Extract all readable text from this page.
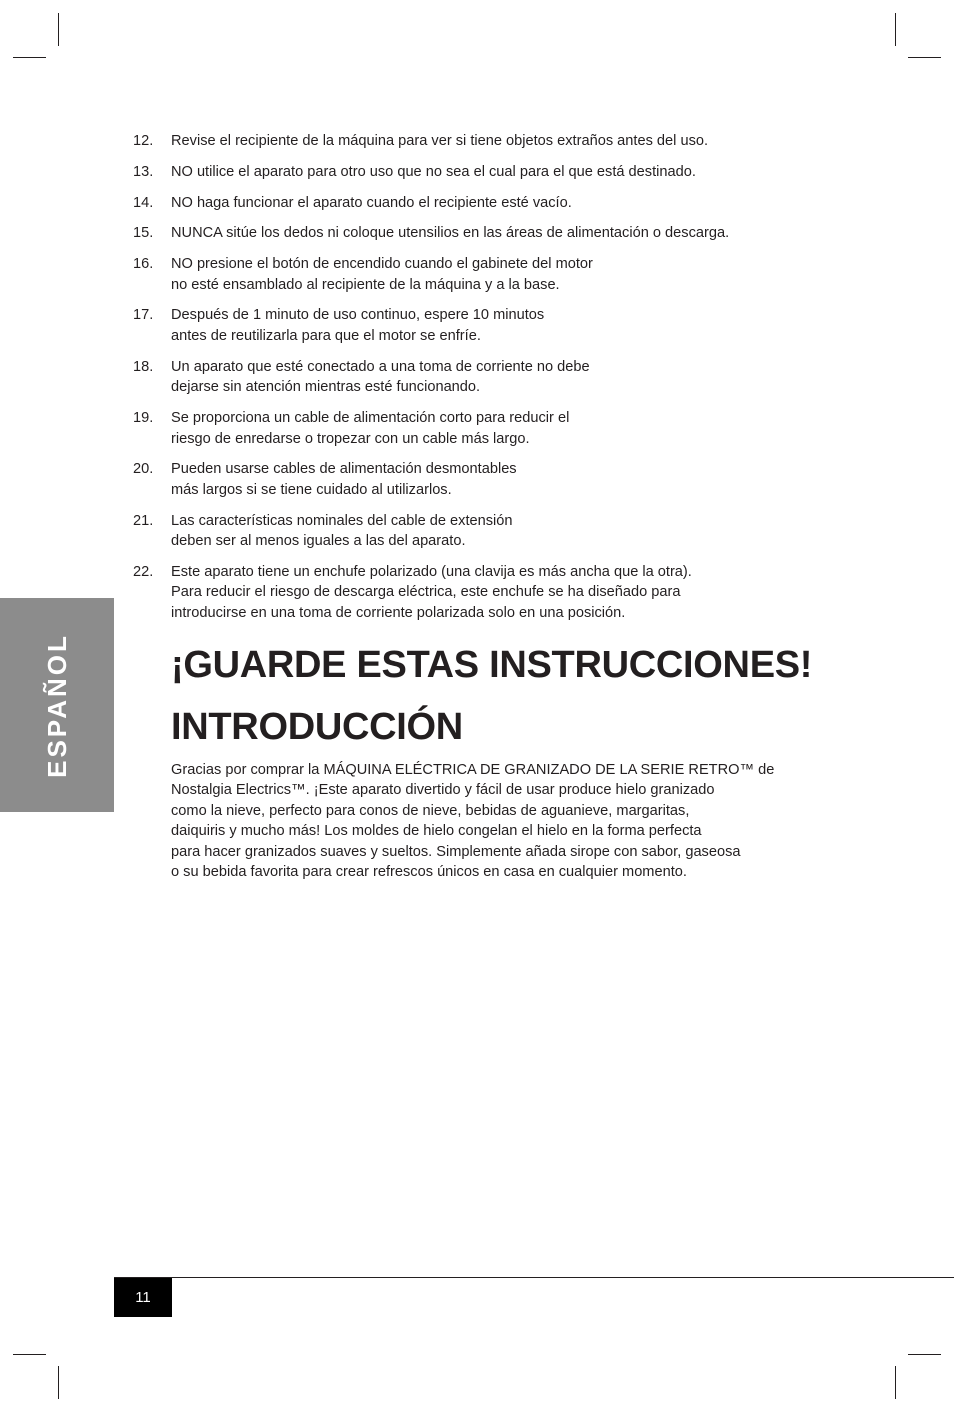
12.	Revise el recipiente de la máquina para ver si tiene objetos extraños antes del uso.
13.	NO utilice el aparato para otro uso que no sea el cual para el que está destinado.
14.	NO haga funcionar el aparato cuando el recipiente esté vacío.
15.	NUNCA sitúe los dedos ni coloque utensilios en las áreas de alimentación o descarga.
16.	NO presione el botón de encendido cuando el gabinete del motor
no esté ensamblado al recipiente de la máquina y a la base.
17.	Después de 1 minuto de uso continuo, espere 10 minutos
antes de reutilizarla para que el motor se enfríe.
18.	Un aparato que esté conectado a una toma de corriente no debe
dejarse sin atención mientras esté funcionando.
19.	Se proporciona un cable de alimentación corto para reducir el
riesgo de enredarse o tropezar con un cable más largo.
20.	Pueden usarse cables de alimentación desmontables
más largos si se tiene cuidado al utilizarlos.
21.	Las características nominales del cable de extensión
deben ser al menos iguales a las del aparato.
22.	Este aparato tiene un enchufe polarizado (una clavija es más ancha que la otra).
Para reducir el riesgo de descarga eléctrica, este enchufe se ha diseñado para
introducirse en una toma de corriente polarizada solo en una posición.
¡GUARDE ESTAS INSTRUCCIONES!
INTRODUCCIÓN

Gracias por comprar la MÁQUINA ELÉCTRICA DE GRANIZADO DE LA SERIE RETRO™ de
Nostalgia Electrics™. ¡Este aparato divertido y fácil de usar produce hielo granizado
como la nieve, perfecto para conos de nieve, bebidas de aguanieve, margaritas,
daiquiris y mucho más! Los moldes de hielo congelan el hielo en la forma perfecta
para hacer granizados suaves y sueltos. Simplemente añada sirope con sabor, gaseosa
o su bebida favorita para crear refrescos únicos en casa en cualquier momento.

ESPAÑOL
11
